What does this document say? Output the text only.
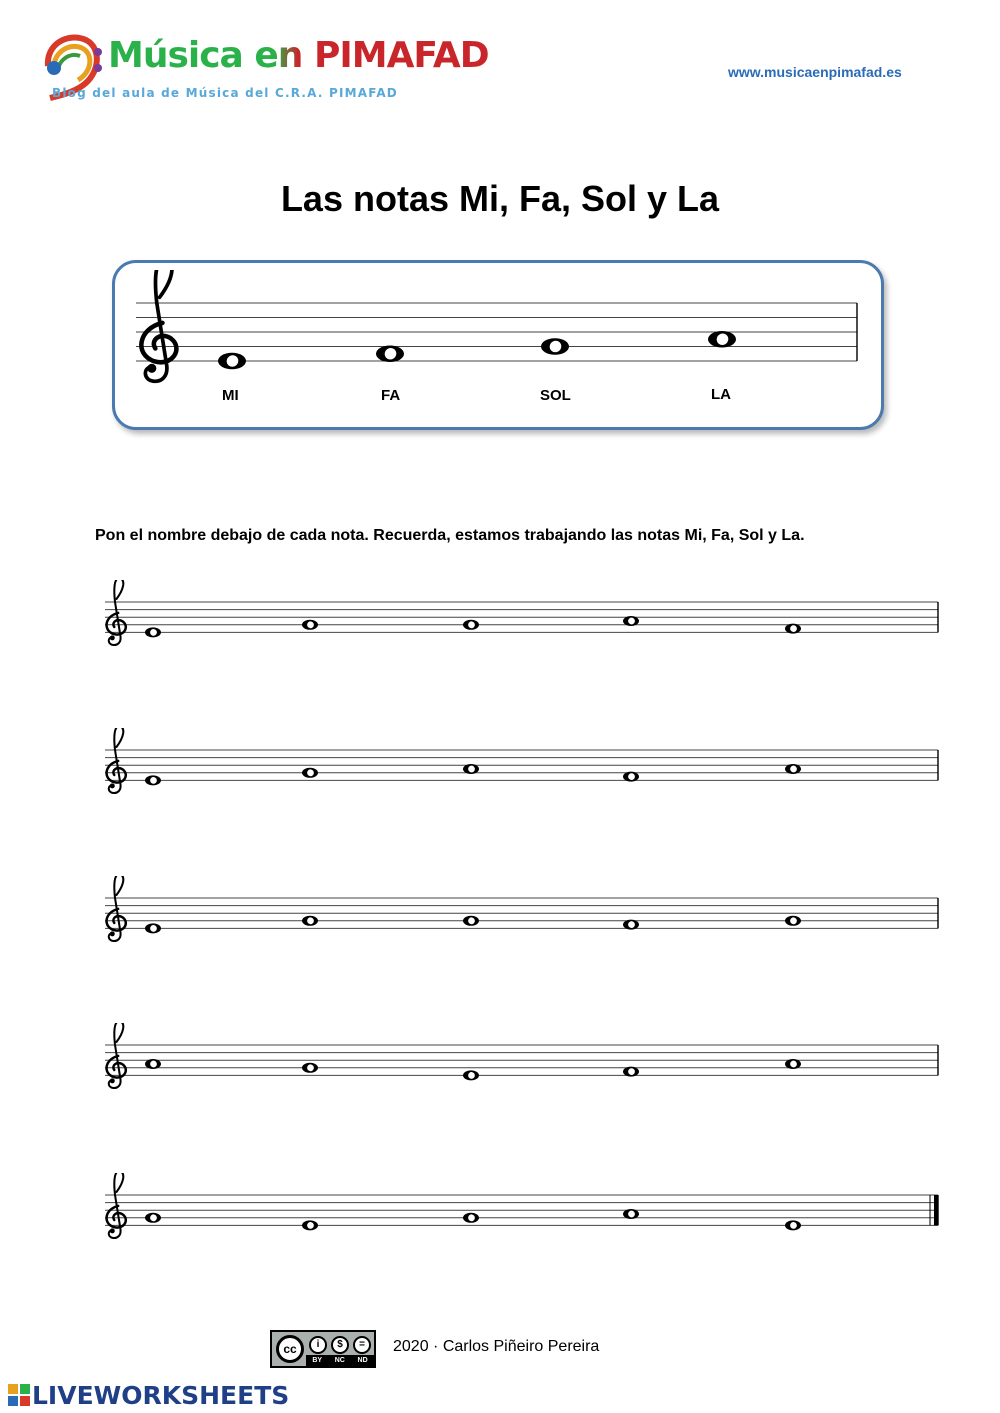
Música en PIMAFAD
Blog del aula de Música del C.R.A. PIMAFAD
www.musicaenpimafad.es
Las notas Mi, Fa, Sol y La
MI	FA	SOL	LA
Pon el nombre debajo de cada nota. Recuerda, estamos trabajando las notas Mi, Fa, Sol y La.
cc	i	$	=
BY NC ND
2020 · Carlos Piñeiro Pereira
LIVEWORKSHEETS
